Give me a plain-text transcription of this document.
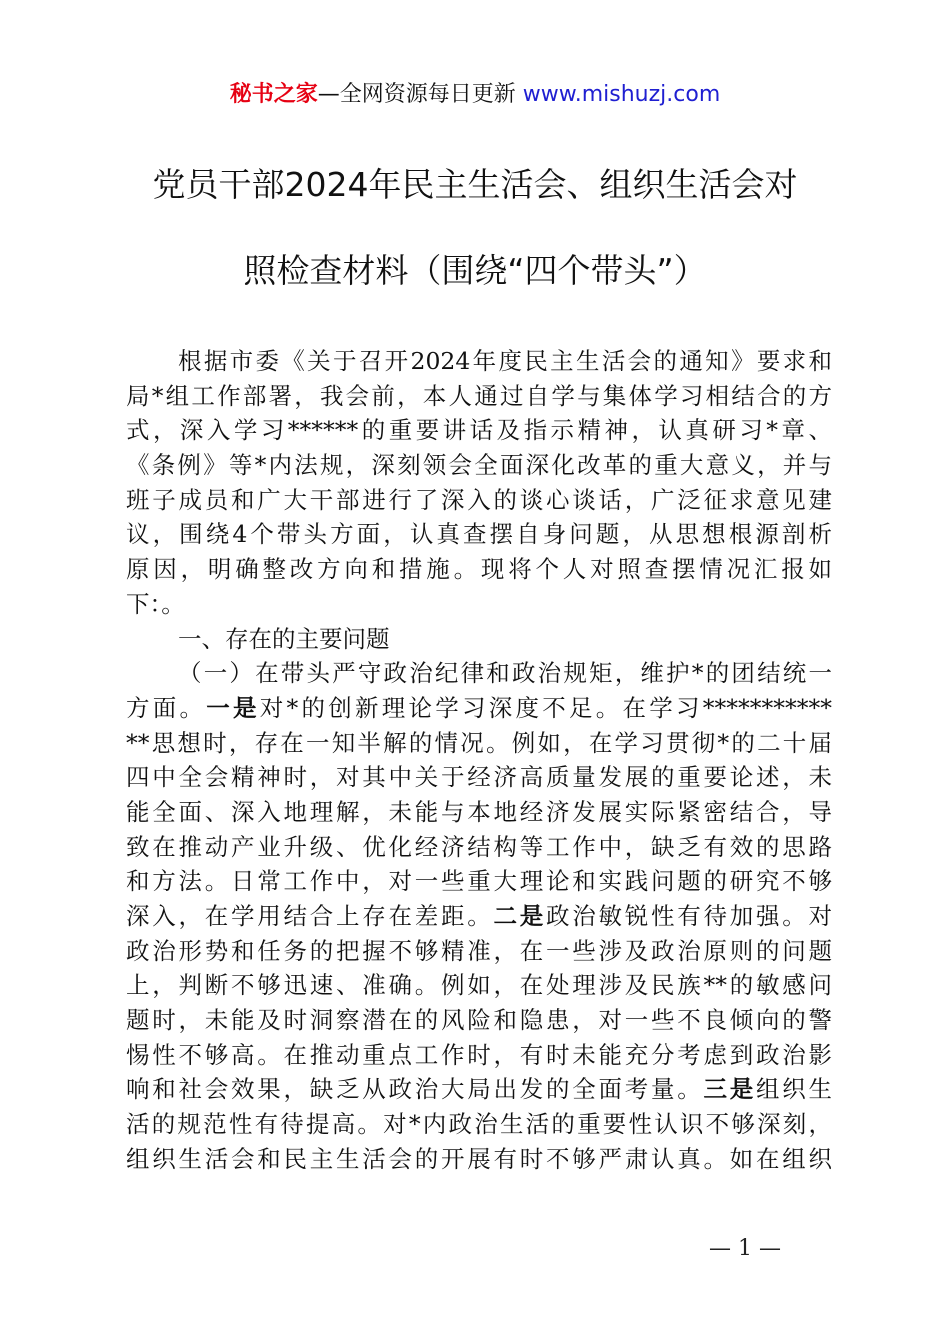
秘书之家—全网资源每日更新 www.mishuzj.com
党员干部2024年民主生活会、组织生活会对
照检查材料（围绕“四个带头”）
根据市委《关于召开2024年度民主生活会的通知》要求和
局*组工作部署，我会前，本人通过自学与集体学习相结合的方
式，深入学习******的重要讲话及指示精神，认真研习*章、
《条例》等*内法规，深刻领会全面深化改革的重大意义，并与
班子成员和广大干部进行了深入的谈心谈话，广泛征求意见建
议，围绕4个带头方面，认真查摆自身问题，从思想根源剖析
原因，明确整改方向和措施。现将个人对照查摆情况汇报如
下：。
一、存在的主要问题
（一）在带头严守政治纪律和政治规矩，维护*的团结统一
方面。一是对*的创新理论学习深度不足。在学习***********
**思想时，存在一知半解的情况。例如，在学习贯彻*的二十届
四中全会精神时，对其中关于经济高质量发展的重要论述，未
能全面、深入地理解，未能与本地经济发展实际紧密结合，导
致在推动产业升级、优化经济结构等工作中，缺乏有效的思路
和方法。日常工作中，对一些重大理论和实践问题的研究不够
深入，在学用结合上存在差距。二是政治敏锐性有待加强。对
政治形势和任务的把握不够精准，在一些涉及政治原则的问题
上，判断不够迅速、准确。例如，在处理涉及民族**的敏感问
题时，未能及时洞察潜在的风险和隐患，对一些不良倾向的警
惕性不够高。在推动重点工作时，有时未能充分考虑到政治影
响和社会效果，缺乏从政治大局出发的全面考量。三是组织生
活的规范性有待提高。对*内政治生活的重要性认识不够深刻，
组织生活会和民主生活会的开展有时不够严肃认真。如在组织
— 1 —
